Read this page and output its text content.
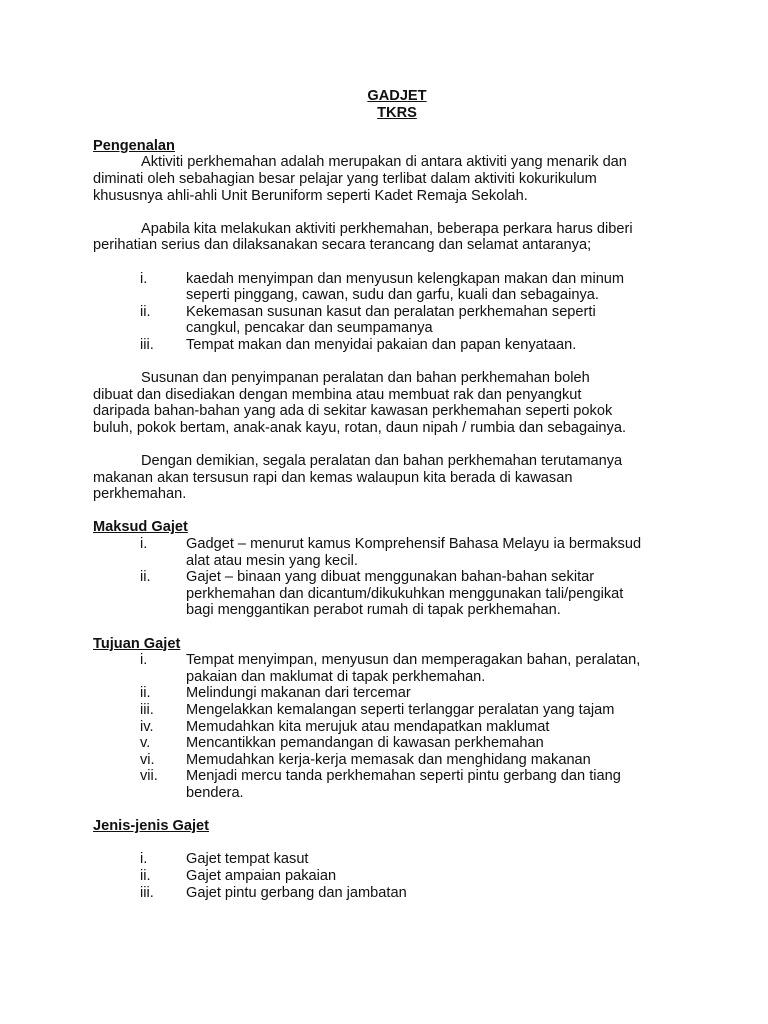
GADJET
TKRS
Pengenalan
Aktiviti perkhemahan adalah merupakan di antara aktiviti yang menarik dan
diminati oleh sebahagian besar pelajar yang terlibat dalam aktiviti kokurikulum
khususnya ahli-ahli Unit Beruniform seperti Kadet Remaja Sekolah.
Apabila kita melakukan aktiviti perkhemahan, beberapa perkara harus diberi
perihatian serius dan dilaksanakan secara terancang dan selamat antaranya;
i.	kaedah menyimpan dan menyusun kelengkapan makan dan minum
seperti pinggang, cawan, sudu dan garfu, kuali dan sebagainya.
ii.	Kekemasan susunan kasut dan peralatan perkhemahan seperti
cangkul, pencakar dan seumpamanya
iii.	Tempat makan dan menyidai pakaian dan papan kenyataan.
Susunan dan penyimpanan peralatan dan bahan perkhemahan boleh
dibuat dan disediakan dengan membina atau membuat rak dan penyangkut
daripada bahan-bahan yang ada di sekitar kawasan perkhemahan seperti pokok
buluh, pokok bertam, anak-anak kayu, rotan, daun nipah / rumbia dan sebagainya.
Dengan demikian, segala peralatan dan bahan perkhemahan terutamanya
makanan akan tersusun rapi dan kemas walaupun kita berada di kawasan
perkhemahan.
Maksud Gajet
i.	Gadget – menurut kamus Komprehensif Bahasa Melayu ia bermaksud
alat atau mesin yang kecil.
ii.	Gajet – binaan yang dibuat menggunakan bahan-bahan sekitar
perkhemahan dan dicantum/dikukuhkan menggunakan tali/pengikat
bagi menggantikan perabot rumah di tapak perkhemahan.
Tujuan Gajet
i.	Tempat menyimpan, menyusun dan memperagakan bahan, peralatan,
pakaian dan maklumat di tapak perkhemahan.
ii.	Melindungi makanan dari tercemar
iii.	Mengelakkan kemalangan seperti terlanggar peralatan yang tajam
iv.	Memudahkan kita merujuk atau mendapatkan maklumat
v.	Mencantikkan pemandangan di kawasan perkhemahan
vi.	Memudahkan kerja-kerja memasak dan menghidang makanan
vii.	Menjadi mercu tanda perkhemahan seperti pintu gerbang dan tiang
bendera.
Jenis-jenis Gajet
i.	Gajet tempat kasut
ii.	Gajet ampaian pakaian
iii.	Gajet pintu gerbang dan jambatan
